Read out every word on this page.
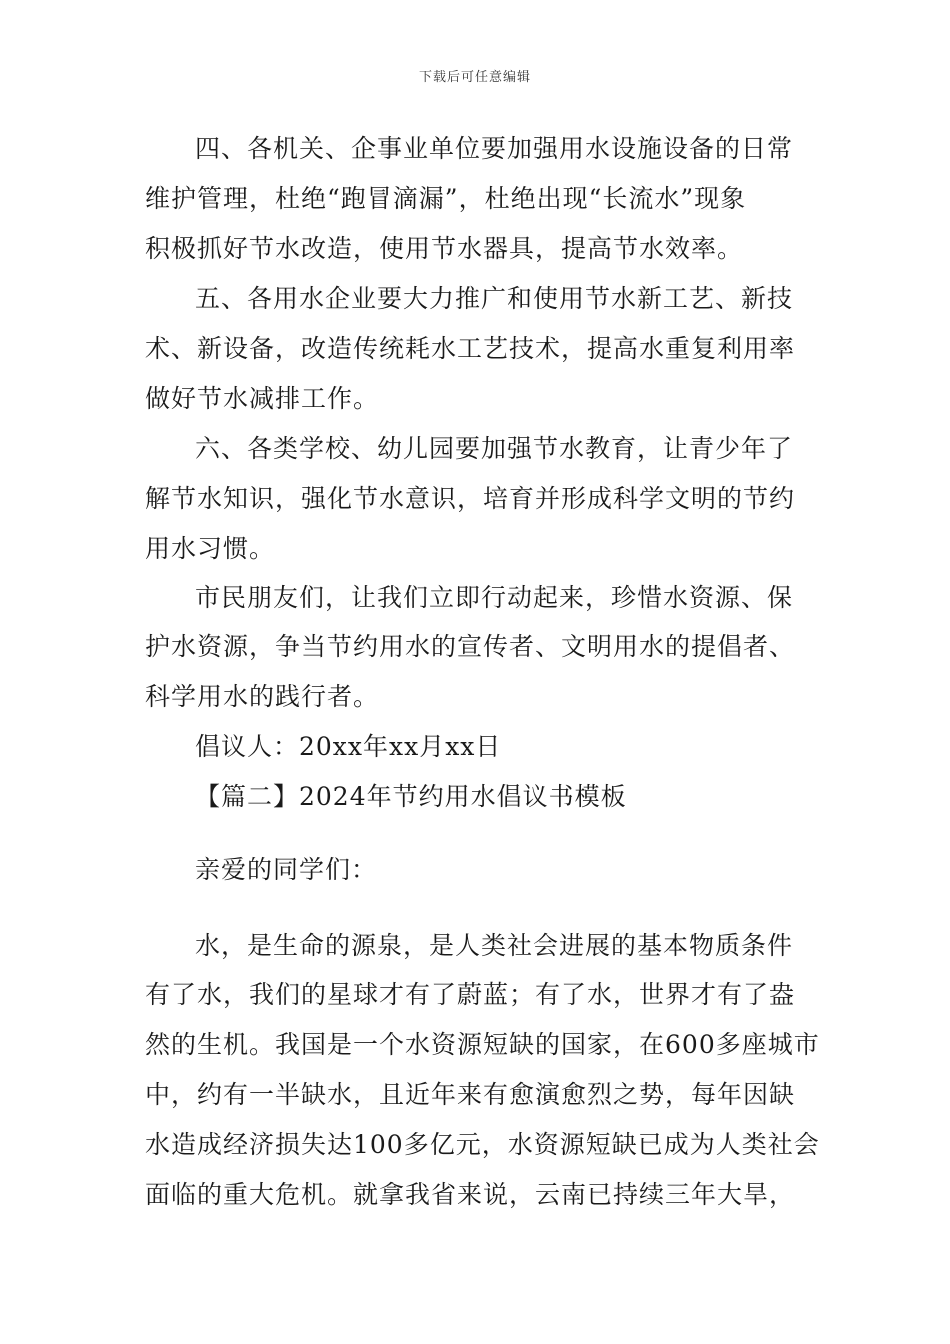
下载后可任意编辑
四、各机关、企事业单位要加强用水设施设备的日常
维护管理，杜绝“跑冒滴漏”，杜绝出现“长流水”现象
积极抓好节水改造，使用节水器具，提高节水效率。
五、各用水企业要大力推广和使用节水新工艺、新技
术、新设备，改造传统耗水工艺技术，提高水重复利用率
做好节水减排工作。
六、各类学校、幼儿园要加强节水教育，让青少年了
解节水知识，强化节水意识，培育并形成科学文明的节约
用水习惯。
市民朋友们，让我们立即行动起来，珍惜水资源、保
护水资源，争当节约用水的宣传者、文明用水的提倡者、
科学用水的践行者。
倡议人：20xx年xx月xx日
【篇二】2024年节约用水倡议书模板
亲爱的同学们：
水，是生命的源泉，是人类社会进展的基本物质条件
有了水，我们的星球才有了蔚蓝；有了水，世界才有了盎
然的生机。我国是一个水资源短缺的国家，在600多座城市
中，约有一半缺水，且近年来有愈演愈烈之势，每年因缺
水造成经济损失达100多亿元，水资源短缺已成为人类社会
面临的重大危机。就拿我省来说，云南已持续三年大旱，
